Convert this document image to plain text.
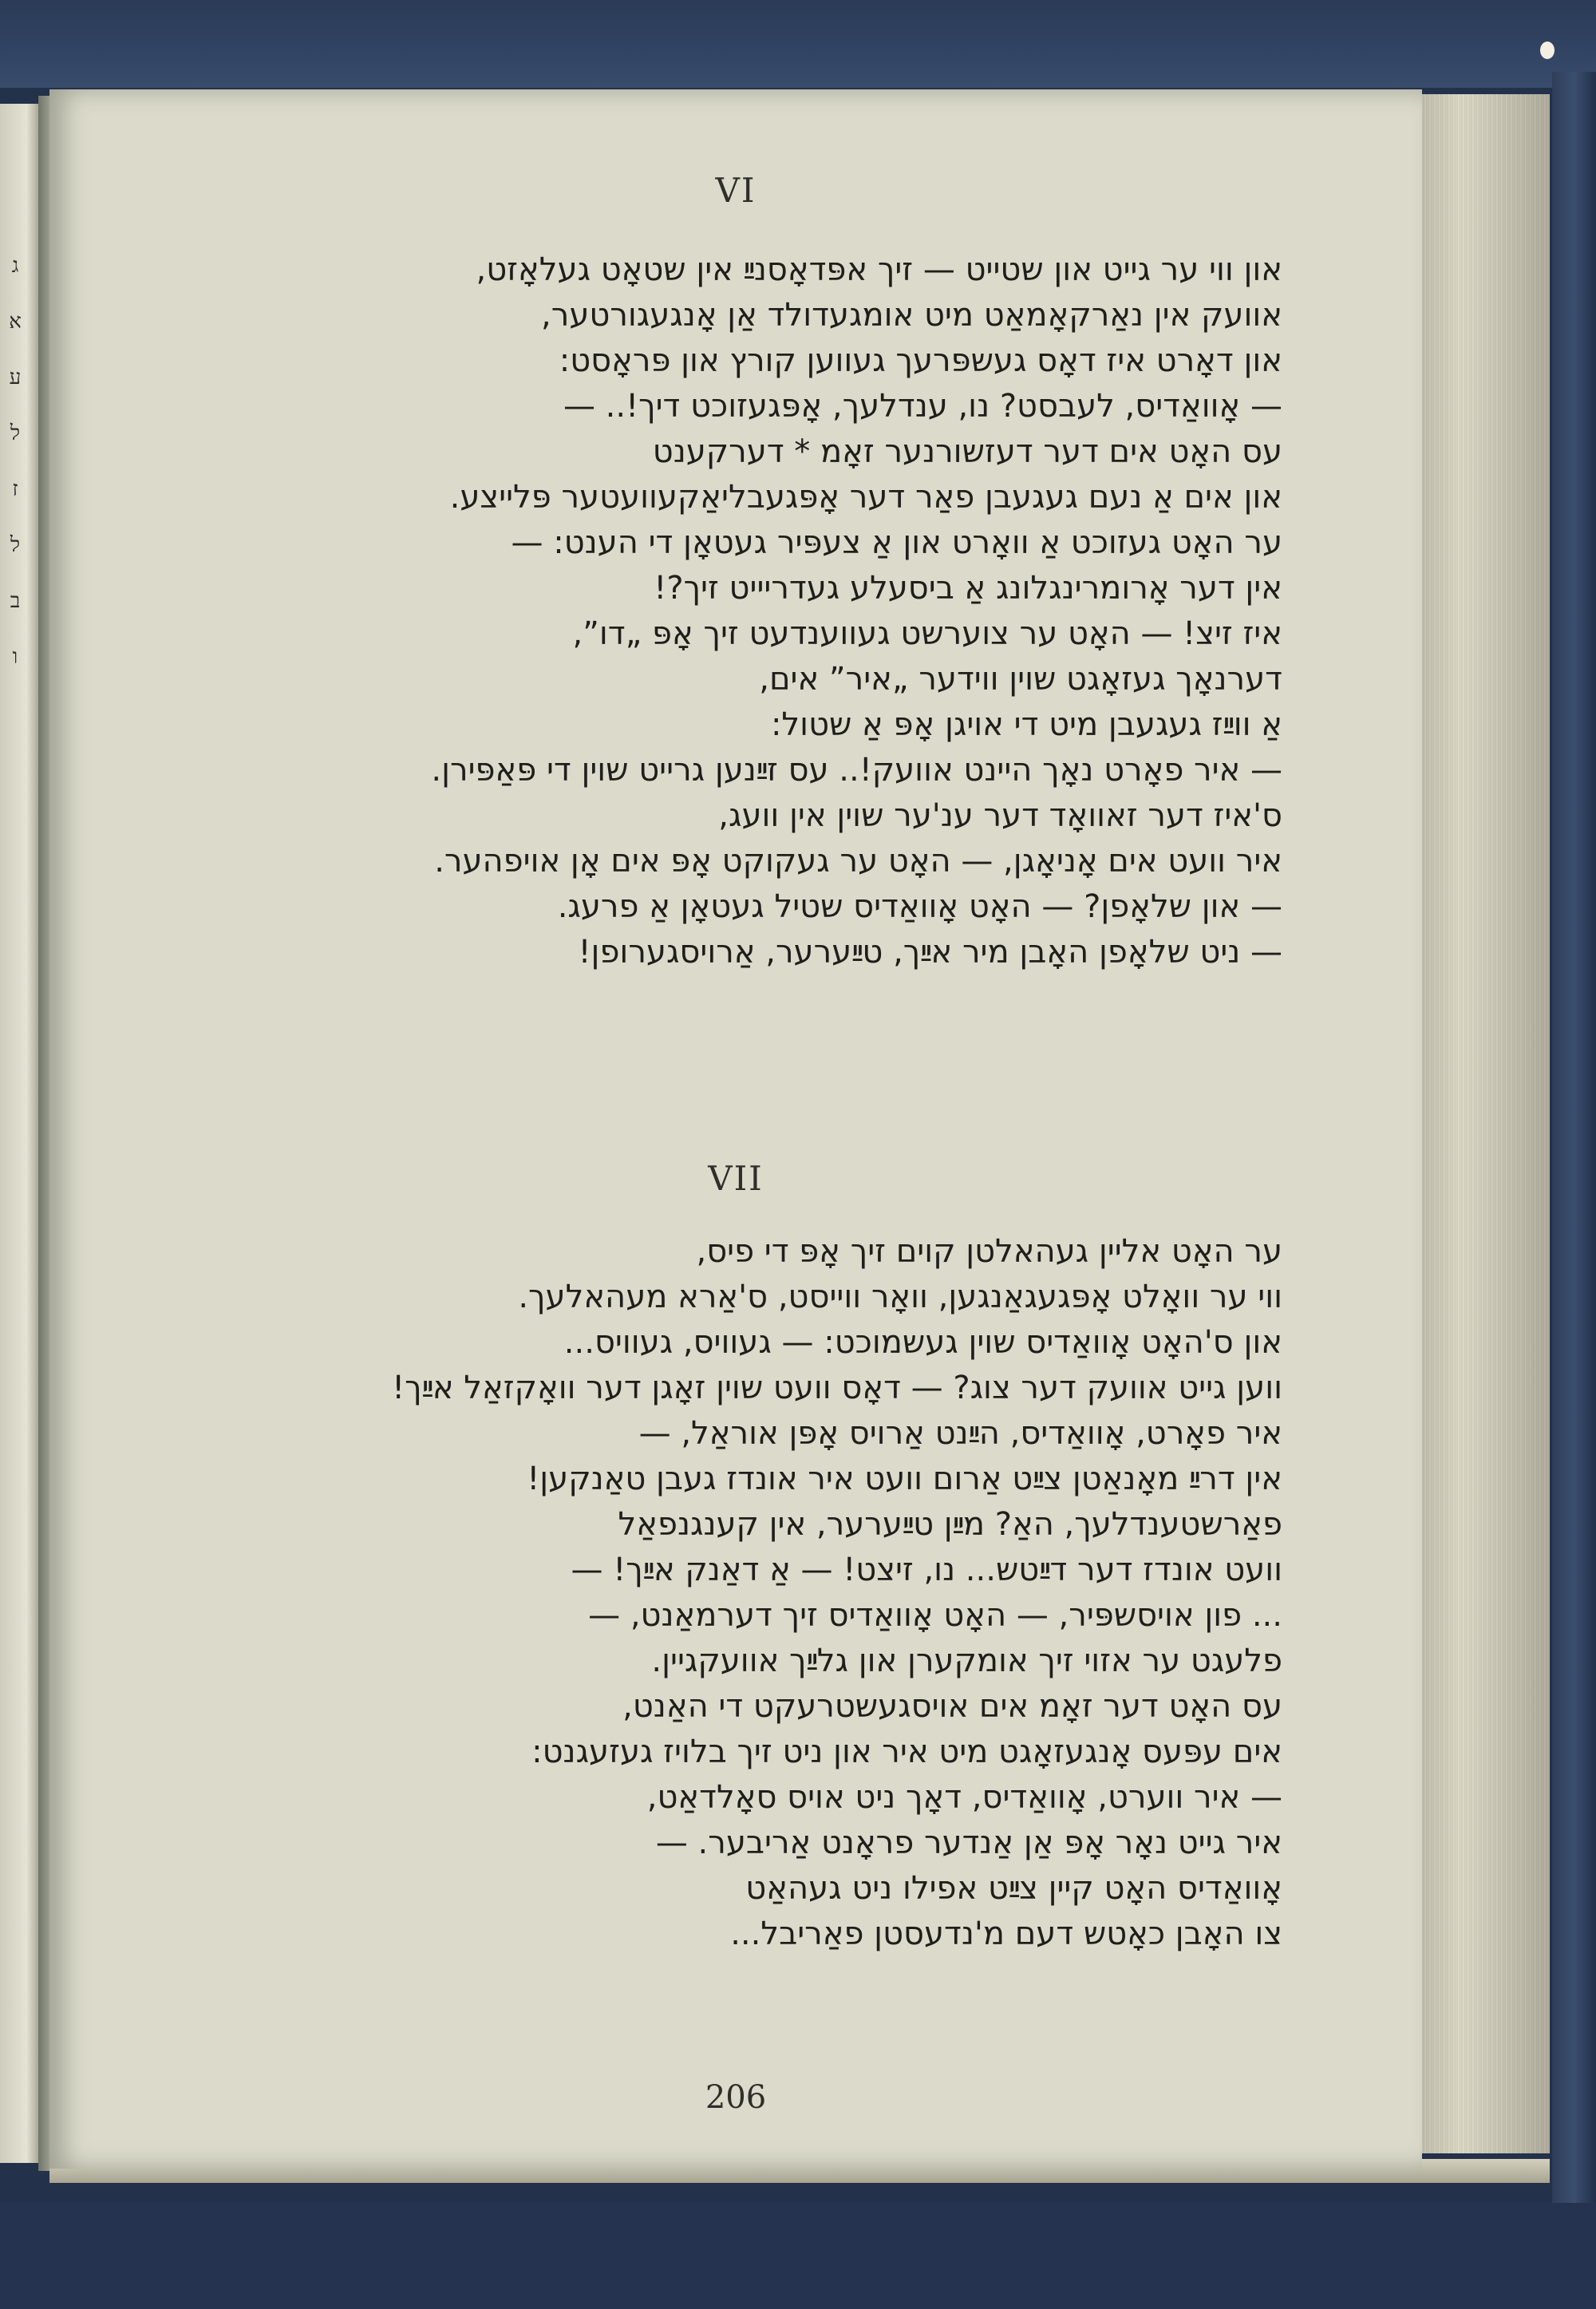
ג
א
ע
ל
ז
ל
ב
ו
VI
און ווי ער גייט און שטייט — זיך אפּדאָסנײַ אין שטאָט געלאָזט,
אוועק אין נאַרקאָמאַט מיט אומגעדולד אַן אָנגעגורטער,
און דאָרט איז דאָס געשפּרעך געווען קורץ און פּראָסט:
— אָוואַדיס, לעבסט? נו, ענדלעך, אָפּגעזוכט דיך!.. —
עס האָט אים דער דעזשורנער זאָמ * דערקענט
און אים אַ נעם געגעבן פאַר דער אָפּגעבליאַקעוועטער פּלייצע.
ער האָט געזוכט אַ וואָרט און אַ צעפּיר געטאָן די הענט: —
אין דער אָרומרינגלונג אַ ביסעלע געדריייט זיך?!
איז זיצ! — האָט ער צוערשט געווענדעט זיך אָפּ „דו”,
דערנאָך געזאָגט שוין ווידער „איר” אים,
אַ ווײַז געגעבן מיט די אויגן אָפּ אַ שטול:
— איר פאָרט נאָך היינט אוועק!.. עס זײַנען גרייט שוין די פּאַפּירן.
ס'איז דער זאוואָד דער ענ'ער שוין אין וועג,
איר וועט אים אָניאָגן, — האָט ער געקוקט אָפּ אים אָן אויפהער.
— און שלאָפן? — האָט אָוואַדיס שטיל געטאָן אַ פרעג.
— ניט שלאָפן האָבן מיר אײַך, טײַערער, אַרויסגערופן!
VII
ער האָט אליין געהאלטן קוים זיך אָפּ די פיס,
ווי ער וואָלט אָפּגעגאַנגען, וואָר ווייסט, ס'אַרא מעהאלעך.
און ס'האָט אָוואַדיס שוין געשמוכט: — געוויס, געוויס...
ווען גייט אוועק דער צוג? — דאָס וועט שוין זאָגן דער וואָקזאַל אײַך!
איר פאָרט, אָוואַדיס, הײַנט אַרויס אָפּן אוראַל, —
אין דרײַ מאָנאַטן צײַט אַרום וועט איר אונדז געבן טאַנקען!
פאַרשטענדלעך, האַ? מײַן טײַערער, אין קענגנפאַל
וועט אונדז דער דײַטש... נו, זיצט! — אַ דאַנק אײַך! —
... פון אויסשפּיר, — האָט אָוואַדיס זיך דערמאַנט, —
פלעגט ער אזוי זיך אומקערן און גלײַך אוועקגיין.
עס האָט דער זאָמ אים אויסגעשטרעקט די האַנט,
אים עפּעס אָנגעזאָגט מיט איר און ניט זיך בלויז געזעגנט:
— איר ווערט, אָוואַדיס, דאָך ניט אויס סאָלדאַט,
איר גייט נאָר אָפּ אַן אַנדער פראָנט אַריבער. —
אָוואַדיס האָט קיין צײַט אפילו ניט געהאַט
צו האָבן כאָטש דעם מ'נדעסטן פאַריבל...
206
